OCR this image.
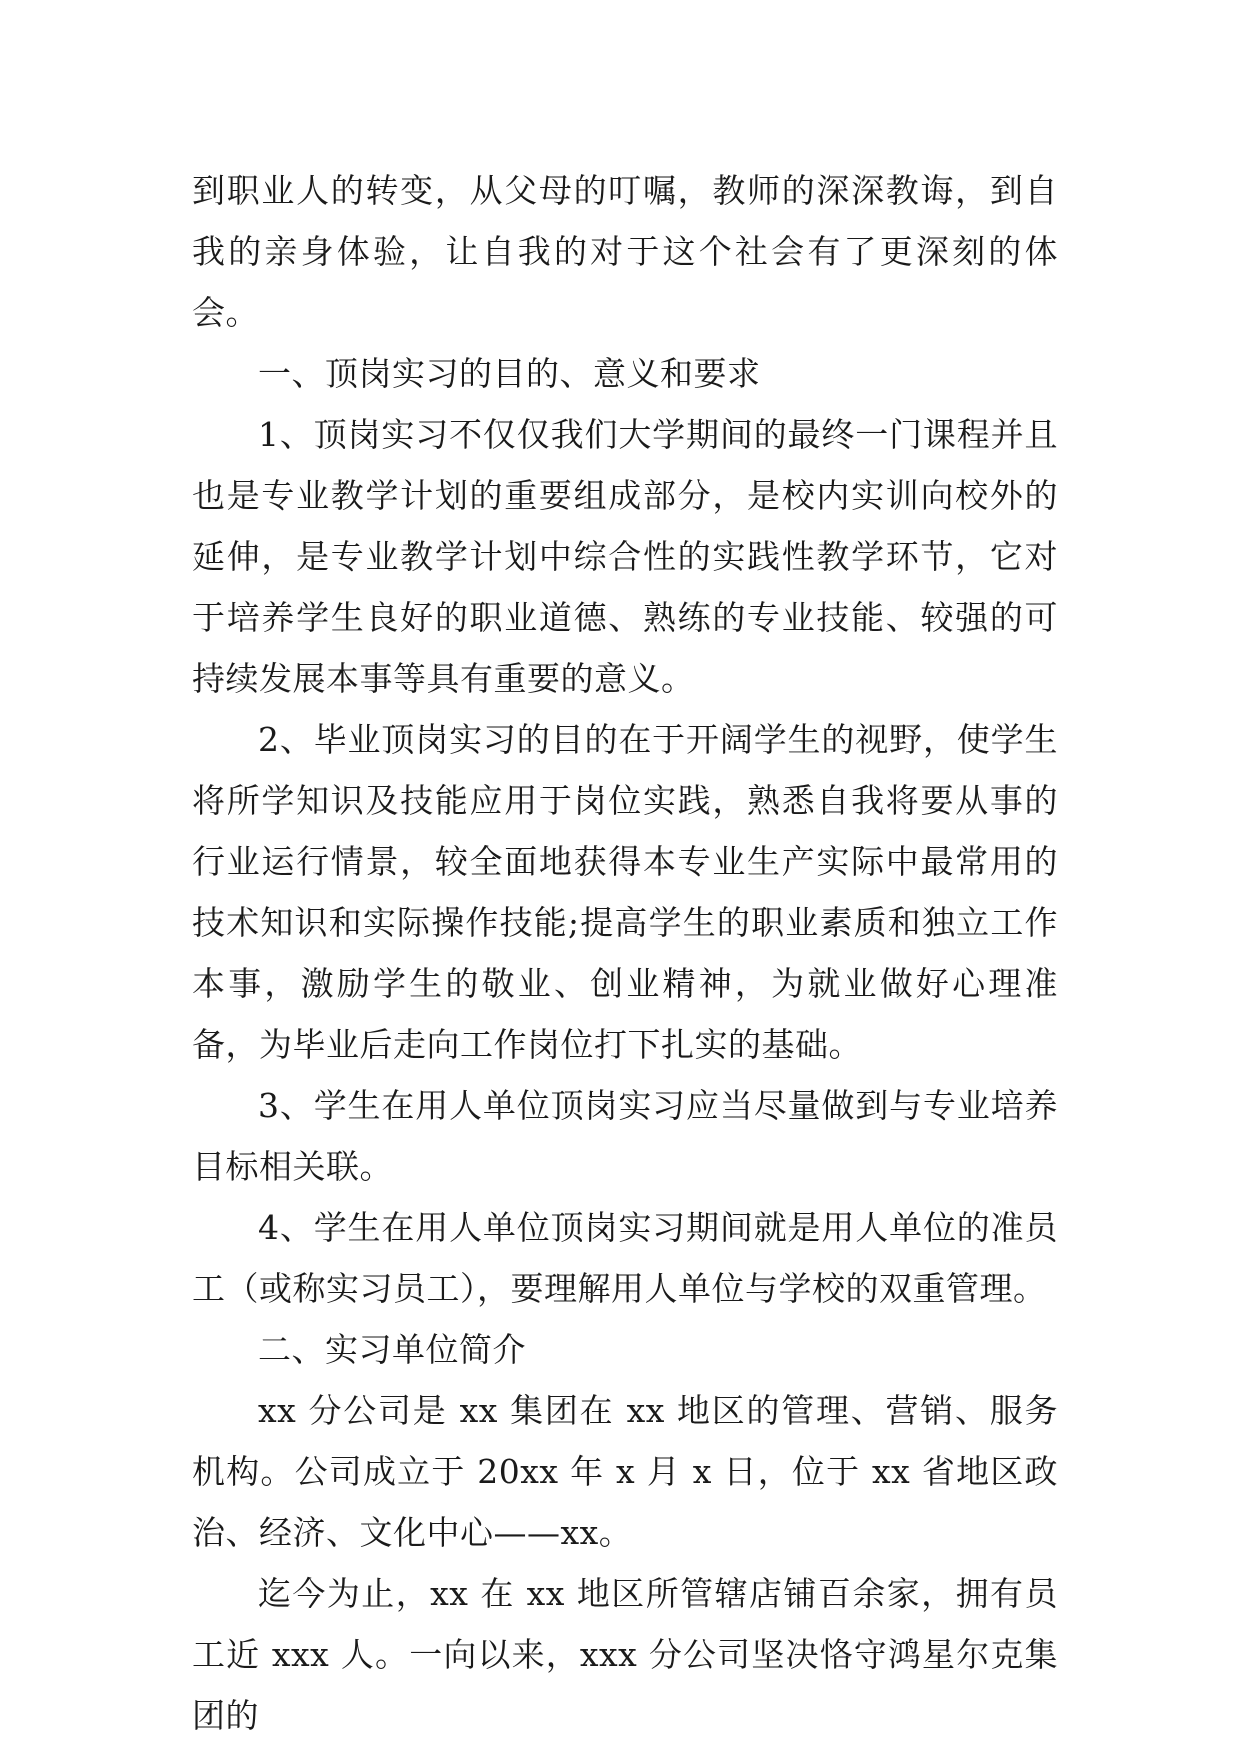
到职业人的转变，从父母的叮嘱，教师的深深教诲，到自我的亲身体验，让自我的对于这个社会有了更深刻的体会。

一、顶岗实习的目的、意义和要求

1、顶岗实习不仅仅我们大学期间的最终一门课程并且也是专业教学计划的重要组成部分，是校内实训向校外的延伸，是专业教学计划中综合性的实践性教学环节，它对于培养学生良好的职业道德、熟练的专业技能、较强的可持续发展本事等具有重要的意义。

2、毕业顶岗实习的目的在于开阔学生的视野，使学生将所学知识及技能应用于岗位实践，熟悉自我将要从事的行业运行情景，较全面地获得本专业生产实际中最常用的技术知识和实际操作技能;提高学生的职业素质和独立工作本事，激励学生的敬业、创业精神，为就业做好心理准备，为毕业后走向工作岗位打下扎实的基础。

3、学生在用人单位顶岗实习应当尽量做到与专业培养目标相关联。

4、学生在用人单位顶岗实习期间就是用人单位的准员工（或称实习员工），要理解用人单位与学校的双重管理。

二、实习单位简介

xx 分公司是 xx 集团在 xx 地区的管理、营销、服务机构。公司成立于 20xx 年 x 月 x 日，位于 xx 省地区政治、经济、文化中心——xx。

迄今为止，xx 在 xx 地区所管辖店铺百余家，拥有员工近 xxx 人。一向以来，xxx 分公司坚决恪守鸿星尔克集团的
